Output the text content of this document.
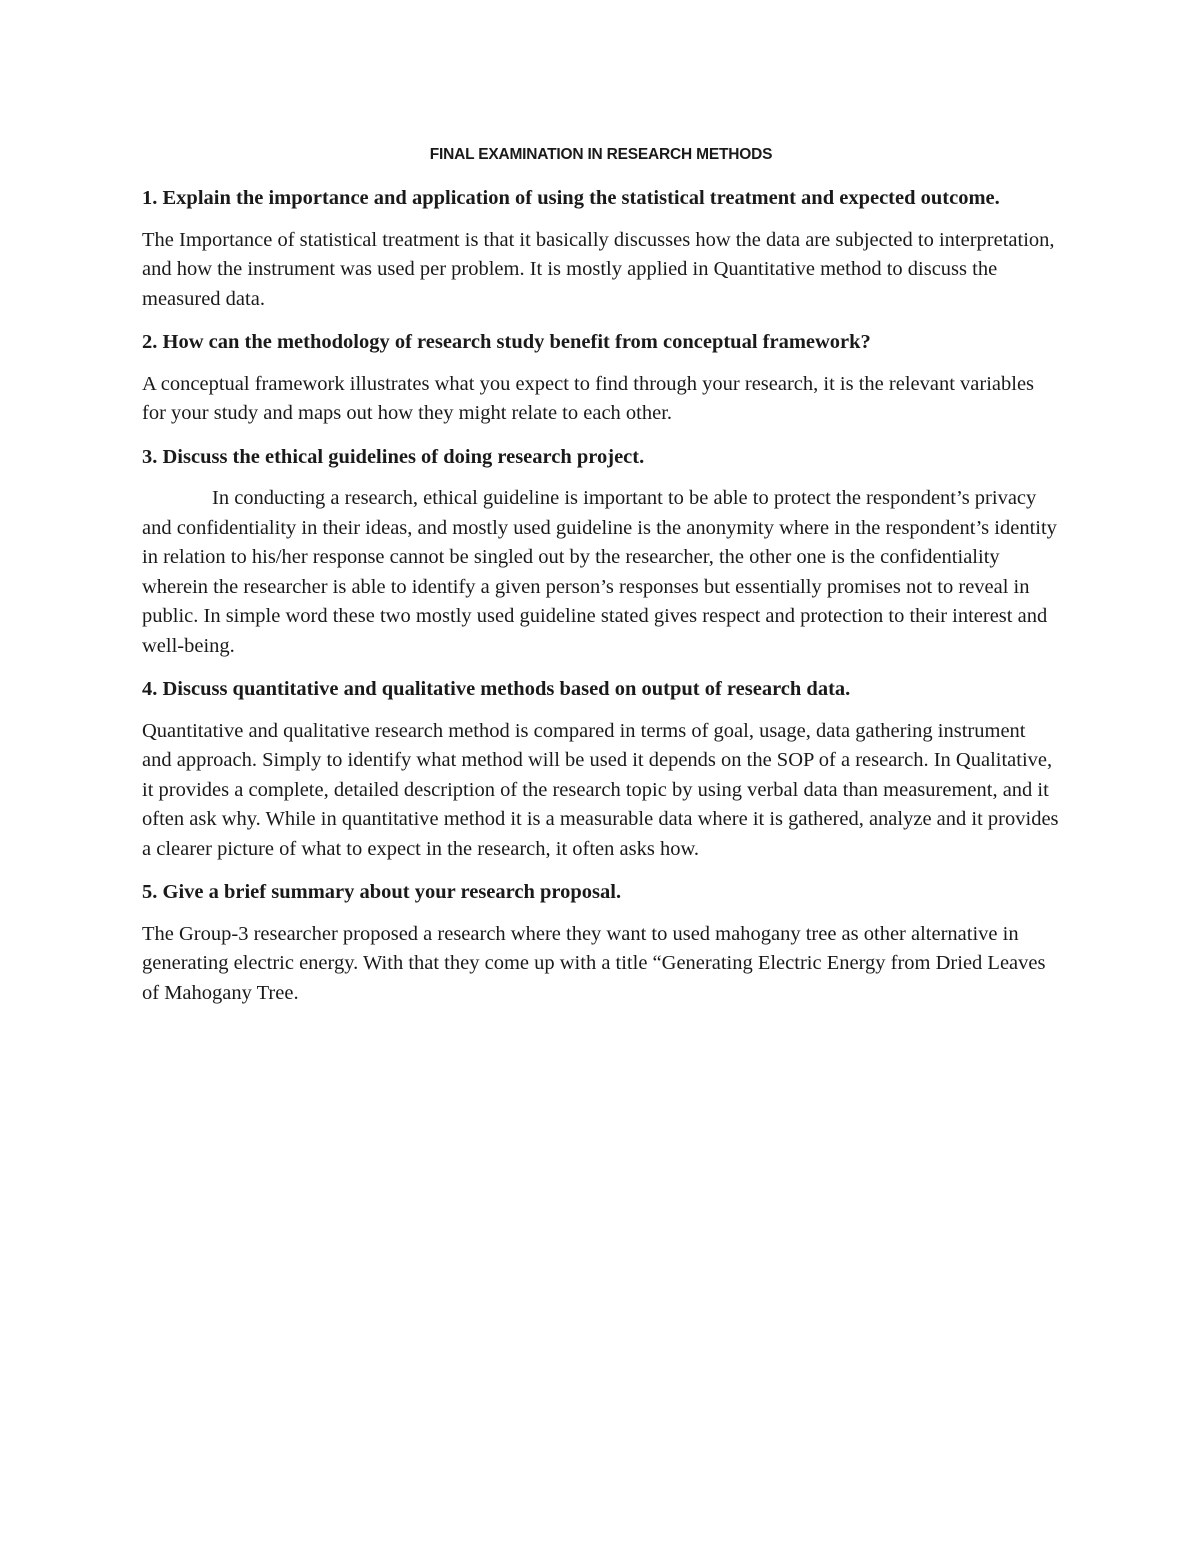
FINAL EXAMINATION IN RESEARCH METHODS
1. Explain the importance and application of using the statistical treatment and expected outcome.
The Importance of statistical treatment is that it basically discusses how the data are subjected to interpretation, and how the instrument was used per problem. It is mostly applied in Quantitative method to discuss the measured data.
2. How can the methodology of research study benefit from conceptual framework?
A conceptual framework illustrates what you expect to find through your research, it is the relevant variables for your study and maps out how they might relate to each other.
3. Discuss the ethical guidelines of doing research project.
In conducting a research, ethical guideline is important to be able to protect the respondent’s privacy and confidentiality in their ideas, and mostly used guideline is the anonymity where in the respondent’s identity in relation to his/her response cannot be singled out by the researcher, the other one is the confidentiality wherein the researcher is able to identify a given person’s responses but essentially promises not to reveal in public. In simple word these two mostly used guideline stated gives respect and protection to their interest and well-being.
4. Discuss quantitative and qualitative methods based on output of research data.
Quantitative and qualitative research method is compared in terms of goal, usage, data gathering instrument and approach. Simply to identify what method will be used it depends on the SOP of a research. In Qualitative, it provides a complete, detailed description of the research topic by using verbal data than measurement, and it often ask why. While in quantitative method it is a measurable data where it is gathered, analyze and it provides a clearer picture of what to expect in the research, it often asks how.
5. Give a brief summary about your research proposal.
The Group-3 researcher proposed a research where they want to used mahogany tree as other alternative in generating electric energy. With that they come up with a title “Generating Electric Energy from Dried Leaves of Mahogany Tree.
